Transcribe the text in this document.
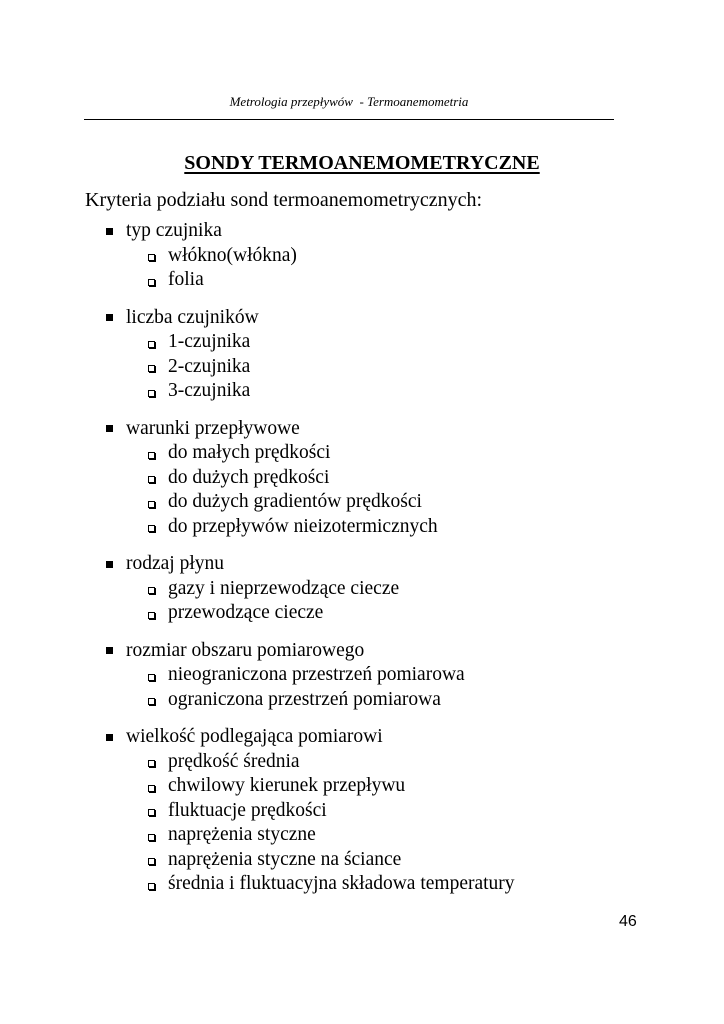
Metrologia przepływów  - Termoanemometria
SONDY TERMOANEMOMETRYCZNE
Kryteria podziału sond termoanemometrycznych:
typ czujnika
włókno(włókna)
folia
liczba czujników
1-czujnika
2-czujnika
3-czujnika
warunki przepływowe
do małych prędkości
do dużych prędkości
do dużych gradientów prędkości
do przepływów nieizotermicznych
rodzaj płynu
gazy i nieprzewodzące ciecze
przewodzące ciecze
rozmiar obszaru pomiarowego
nieograniczona przestrzeń pomiarowa
ograniczona przestrzeń pomiarowa
wielkość podlegająca pomiarowi
prędkość średnia
chwilowy kierunek przepływu
fluktuacje prędkości
naprężenia styczne
naprężenia styczne na ściance
średnia i fluktuacyjna składowa temperatury
46
